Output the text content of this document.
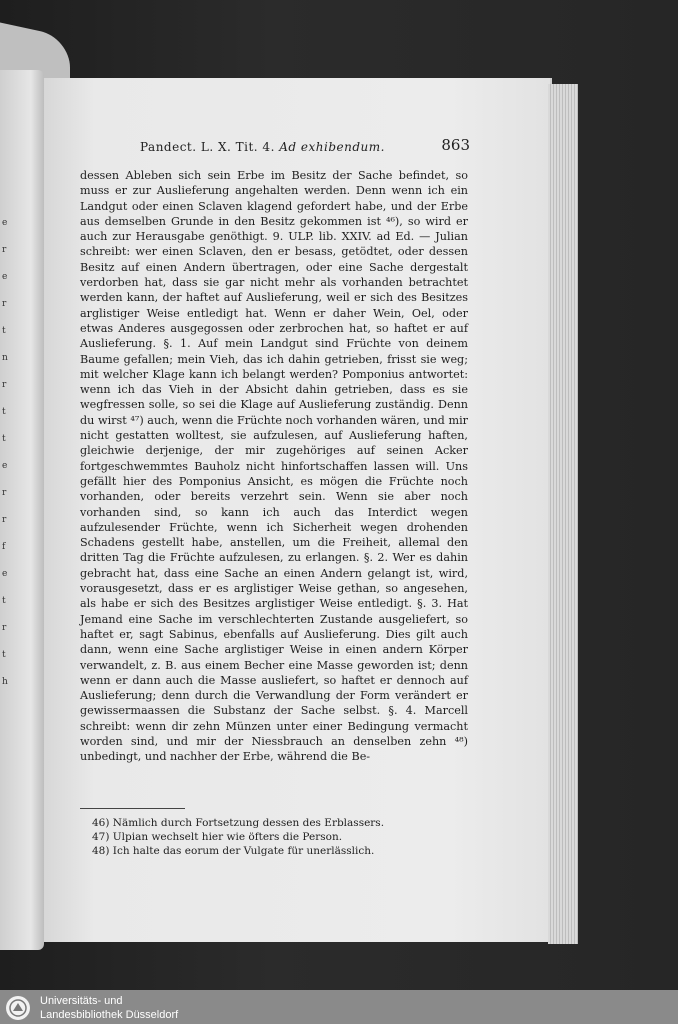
e
r
e
r
t
n
r
t
t
e
r
r
f
e
t
r
t
h
Pandect. L. X. Tit. 4. Ad exhibendum.	863

dessen Ableben sich sein Erbe im Besitz der Sache befindet, so muss er zur Auslieferung angehalten werden. Denn wenn ich ein Landgut oder einen Sclaven klagend gefordert habe, und der Erbe aus demselben Grunde in den Besitz gekommen ist ⁴⁶), so wird er auch zur Herausgabe genöthigt. 9. ULP. lib. XXIV. ad Ed. — Julian schreibt: wer einen Sclaven, den er besass, getödtet, oder dessen Besitz auf einen Andern übertragen, oder eine Sache dergestalt verdorben hat, dass sie gar nicht mehr als vorhanden betrachtet werden kann, der haftet auf Auslieferung, weil er sich des Besitzes arglistiger Weise entledigt hat. Wenn er daher Wein, Oel, oder etwas Anderes ausgegossen oder zerbrochen hat, so haftet er auf Auslieferung. §. 1. Auf mein Landgut sind Früchte von deinem Baume gefallen; mein Vieh, das ich dahin getrieben, frisst sie weg; mit welcher Klage kann ich belangt werden? Pomponius antwortet: wenn ich das Vieh in der Absicht dahin getrieben, dass es sie wegfressen solle, so sei die Klage auf Auslieferung zuständig. Denn du wirst ⁴⁷) auch, wenn die Früchte noch vorhanden wären, und mir nicht gestatten wolltest, sie aufzulesen, auf Auslieferung haften, gleichwie derjenige, der mir zugehöriges auf seinen Acker fortgeschwemmtes Bauholz nicht hinfortschaffen lassen will. Uns gefällt hier des Pomponius Ansicht, es mögen die Früchte noch vorhanden, oder bereits verzehrt sein. Wenn sie aber noch vorhanden sind, so kann ich auch das Interdict wegen aufzulesender Früchte, wenn ich Sicherheit wegen drohenden Schadens gestellt habe, anstellen, um die Freiheit, allemal den dritten Tag die Früchte aufzulesen, zu erlangen. §. 2. Wer es dahin gebracht hat, dass eine Sache an einen Andern gelangt ist, wird, vorausgesetzt, dass er es arglistiger Weise gethan, so angesehen, als habe er sich des Besitzes arglistiger Weise entledigt. §. 3. Hat Jemand eine Sache im verschlechterten Zustande ausgeliefert, so haftet er, sagt Sabinus, ebenfalls auf Auslieferung. Dies gilt auch dann, wenn eine Sache arglistiger Weise in einen andern Körper verwandelt, z. B. aus einem Becher eine Masse geworden ist; denn wenn er dann auch die Masse ausliefert, so haftet er dennoch auf Auslieferung; denn durch die Verwandlung der Form verändert er gewissermaassen die Substanz der Sache selbst. §. 4. Marcell schreibt: wenn dir zehn Münzen unter einer Bedingung vermacht worden sind, und mir der Niessbrauch an denselben zehn ⁴⁸) unbedingt, und nachher der Erbe, während die Be-

46) Nämlich durch Fortsetzung dessen des Erblassers.
47) Ulpian wechselt hier wie öfters die Person.
48) Ich halte das eorum der Vulgate für unerlässlich.
Universitäts- und
Landesbibliothek Düsseldorf
